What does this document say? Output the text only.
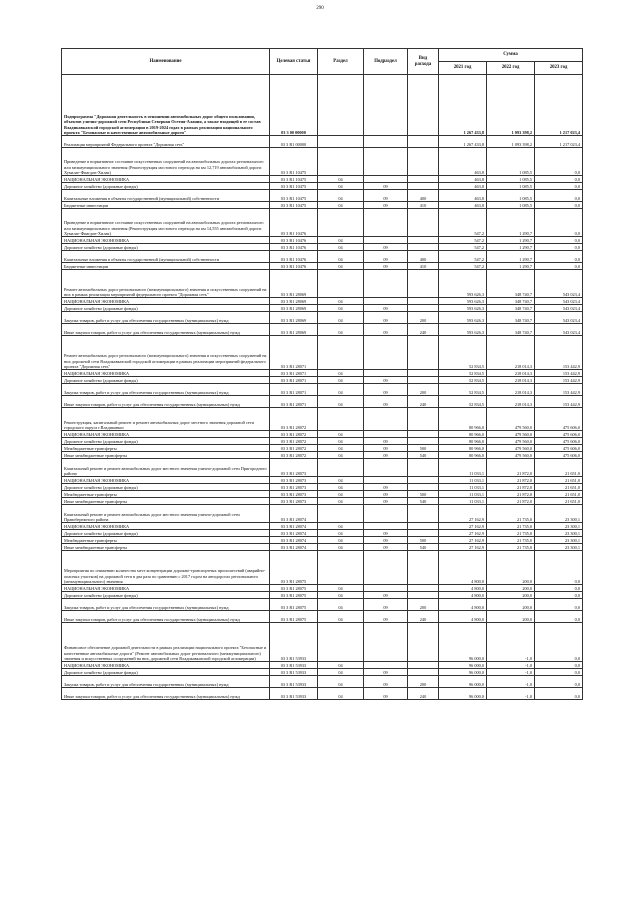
290
Наименование	Целевая статья	Раздел	Подраздел	Вид расхода	Сумма		
					2021 год	2022 год	2023 год
Подпрограмма "Дорожная деятельность в отношении автомобильных дорог общего пользования, объектов улично-дорожной сети Республики Северная Осетия-Алания, а также входящей в ее состав Владикавказской городской агломерации в 2019-2024 годах в рамках реализации национального проекта "Безопасные и качественные автомобильные дороги"	03 3 00 00000				1 267 433,8	1 093 398,2	1 217 023,4
Реализация мероприятий Федерального проекта "Дорожная сеть"	03 3 R1 00000				1 267 433,8	1 093 398,2	1 217 023,4
Приведение в нормативное состояние искусственных сооружений на автомобильных дорогах регионального или межмуниципального значения (Реконструкция мостового перехода на км 12,719 автомобильной дороги Хумалаг-Фиагдон-Хилак)	03 3 R1 10475				463,8	1 085,5	0,0
НАЦИОНАЛЬНАЯ ЭКОНОМИКА	03 3 R1 10475	04			463,8	1 085,5	0,0
Дорожное хозяйство (дорожные фонды)	03 3 R1 10475	04	09		463,8	1 085,5	0,0
Капитальные вложения в объекты государственной (муниципальной) собственности	03 3 R1 10475	04	09	400	463,8	1 085,5	0,0
Бюджетные инвестиции	03 3 R1 10475	04	09	410	463,8	1 085,5	0,0
Приведение в нормативное состояние искусственных сооружений на автомобильных дорогах регионального или межмуниципального значения (Реконструкция мостового перехода на км 14,555 автомобильной дороги Хумалаг-Фиагдон-Хилак)	03 3 R1 10476				547,2	1 290,7	0,0
НАЦИОНАЛЬНАЯ ЭКОНОМИКА	03 3 R1 10476	04			547,2	1 290,7	0,0
Дорожное хозяйство (дорожные фонды)	03 3 R1 10476	04	09		547,2	1 290,7	0,0
Капитальные вложения в объекты государственной (муниципальной) собственности	03 3 R1 10476	04	09	400	547,2	1 290,7	0,0
Бюджетные инвестиции	03 3 R1 10476	04	09	410	547,2	1 290,7	0,0
Ремонт автомобильных дорог регионального (межмуниципального) значения и искусственных сооружений на них в рамках реализации мероприятий федерального проекта "Дорожная сеть"	03 3 R1 28069				593 626,3	348 740,7	543 023,4
НАЦИОНАЛЬНАЯ ЭКОНОМИКА	03 3 R1 28069	04			593 626,3	348 740,7	543 023,4
Дорожное хозяйство (дорожные фонды)	03 3 R1 28069	04	09		593 626,3	348 740,7	543 023,4
Закупка товаров, работ и услуг для обеспечения государственных (муниципальных) нужд	03 3 R1 28069	04	09	200	593 626,3	348 740,7	543 023,4
Иные закупки товаров, работ и услуг для обеспечения государственных (муниципальных) нужд	03 3 R1 28069	04	09	240	593 626,3	348 740,7	543 023,4
Ремонт автомобильных дорог регионального (межмуниципального) значения и искусственных сооружений на них дорожной сети Владикавказской городской агломерации в рамках реализации мероприятий федерального проекта "Дорожная сеть"	03 3 R1 28071				52 834,5	218 014,3	153 442,9
НАЦИОНАЛЬНАЯ ЭКОНОМИКА	03 3 R1 28071	04			52 834,5	218 014,3	153 442,9
Дорожное хозяйство (дорожные фонды)	03 3 R1 28071	04	09		52 834,5	218 014,3	153 442,9
Закупка товаров, работ и услуг для обеспечения государственных (муниципальных) нужд	03 3 R1 28071	04	09	200	52 834,5	218 014,3	153 442,9
Иные закупки товаров, работ и услуг для обеспечения государственных (муниципальных) нужд	03 3 R1 28071	04	09	240	52 834,5	218 014,3	153 442,9
Реконструкция, капитальный ремонт и ремонт автомобильных дорог местного значения дорожной сети городского округа г.Владикавказ	03 3 R1 28072				80 966,0	479 560,0	475 606,0
НАЦИОНАЛЬНАЯ ЭКОНОМИКА	03 3 R1 28072	04			80 966,0	479 560,0	475 606,0
Дорожное хозяйство (дорожные фонды)	03 3 R1 28072	04	09		80 966,0	479 560,0	475 606,0
Межбюджетные трансферты	03 3 R1 28072	04	09	500	80 966,0	479 560,0	475 606,0
Иные межбюджетные трансферты	03 3 R1 28072	04	09	540	80 966,0	479 560,0	475 606,0
Капитальный ремонт и ремонт автомобильных дорог местного значения улично-дорожной сети Пригородного района	03 3 R1 28073				11 033,1	21 872,0	21 651,0
НАЦИОНАЛЬНАЯ ЭКОНОМИКА	03 3 R1 28073	04			11 033,1	21 872,0	21 651,0
Дорожное хозяйство (дорожные фонды)	03 3 R1 28073	04	09		11 033,1	21 872,0	21 651,0
Межбюджетные трансферты	03 3 R1 28073	04	09	500	11 033,1	21 872,0	21 651,0
Иные межбюджетные трансферты	03 3 R1 28073	04	09	540	11 033,1	21 872,0	21 651,0
Капитальный ремонт и ремонт автомобильных дорог местного значения улично-дорожной сети Правобережного района	03 3 R1 28074				27 162,9	21 735,0	23 300,1
НАЦИОНАЛЬНАЯ ЭКОНОМИКА	03 3 R1 28074	04			27 162,9	21 735,0	23 300,1
Дорожное хозяйство (дорожные фонды)	03 3 R1 28074	04	09		27 162,9	21 735,0	23 300,1
Межбюджетные трансферты	03 3 R1 28074	04	09	500	27 162,9	21 735,0	23 300,1
Иные межбюджетные трансферты	03 3 R1 28074	04	09	540	27 162,9	21 735,0	23 300,1
Мероприятия по снижению количества мест концентрации дорожно-транспортных происшествий (аварийно-опасных участков) на дорожной сети в два раза по сравнению с 2017 годом на автодорогах регионального (межмуниципального) значения	03 3 R1 28075				4 800,0	200,0	0,0
НАЦИОНАЛЬНАЯ ЭКОНОМИКА	03 3 R1 28075	04			4 800,0	200,0	0,0
Дорожное хозяйство (дорожные фонды)	03 3 R1 28075	04	09		4 800,0	200,0	0,0
Закупка товаров, работ и услуг для обеспечения государственных (муниципальных) нужд	03 3 R1 28075	04	09	200	4 800,0	200,0	0,0
Иные закупки товаров, работ и услуг для обеспечения государственных (муниципальных) нужд	03 3 R1 28075	04	09	240	4 800,0	200,0	0,0
Финансовое обеспечение дорожной деятельности в рамках реализации национального проекта "Безопасные и качественные автомобильные дороги" (Ремонт автомобильных дорог регионального (межмуниципального) значения и искусственных сооружений на них, дорожной сети Владикавказской городской агломерации)	03 3 R1 53933				96 000,0	-1,0	0,0
НАЦИОНАЛЬНАЯ ЭКОНОМИКА	03 3 R1 53933	04			96 000,0	-1,0	0,0
Дорожное хозяйство (дорожные фонды)	03 3 R1 53933	04	09		96 000,0	-1,0	0,0
Закупка товаров, работ и услуг для обеспечения государственных (муниципальных) нужд	03 3 R1 53933	04	09	200	96 000,0	-1,0	0,0
Иные закупки товаров, работ и услуг для обеспечения государственных (муниципальных) нужд	03 3 R1 53933	04	09	240	96 000,0	-1,0	0,0
